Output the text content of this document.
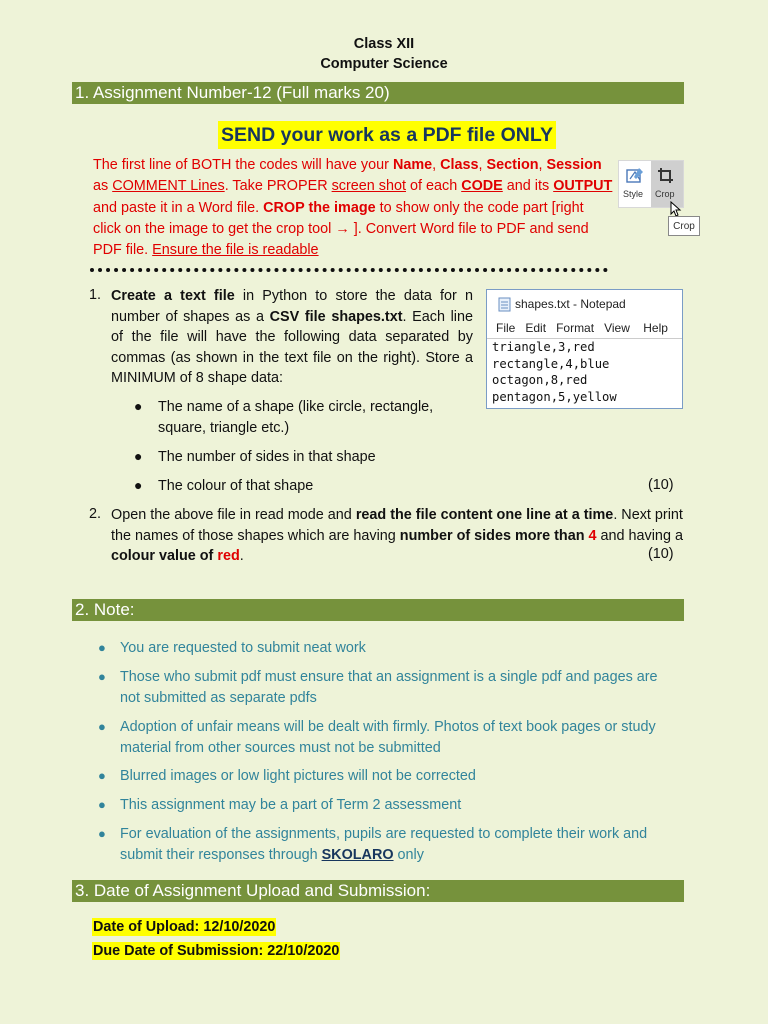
Class XII
Computer Science
1. Assignment Number-12 (Full marks 20)
SEND your work as a PDF file ONLY
The first line of BOTH the codes will have your Name, Class, Section, Session as COMMENT Lines. Take PROPER screen shot of each CODE and its OUTPUT and paste it in a Word file. CROP the image to show only the code part [right click on the image to get the crop tool → ]. Convert Word file to PDF and send PDF file. Ensure the file is readable
Style Crop
Crop
1. Create a text file in Python to store the data for n number of shapes as a CSV file shapes.txt. Each line of the file will have the following data separated by commas (as shown in the text file on the right). Store a MINIMUM of 8 shape data:
shapes.txt - Notepad
File Edit Format View Help
triangle,3,red
rectangle,4,blue
octagon,8,red
pentagon,5,yellow
● The name of a shape (like circle, rectangle, square, triangle etc.)
● The number of sides in that shape
● The colour of that shape	(10)
2. Open the above file in read mode and read the file content one line at a time. Next print the names of those shapes which are having number of sides more than 4 and having a colour value of red.	(10)
2. Note:
● You are requested to submit neat work
● Those who submit pdf must ensure that an assignment is a single pdf and pages are not submitted as separate pdfs
● Adoption of unfair means will be dealt with firmly. Photos of text book pages or study material from other sources must not be submitted
● Blurred images or low light pictures will not be corrected
● This assignment may be a part of Term 2 assessment
● For evaluation of the assignments, pupils are requested to complete their work and submit their responses through SKOLARO only
3. Date of Assignment Upload and Submission:
Date of Upload: 12/10/2020
Due Date of Submission: 22/10/2020
